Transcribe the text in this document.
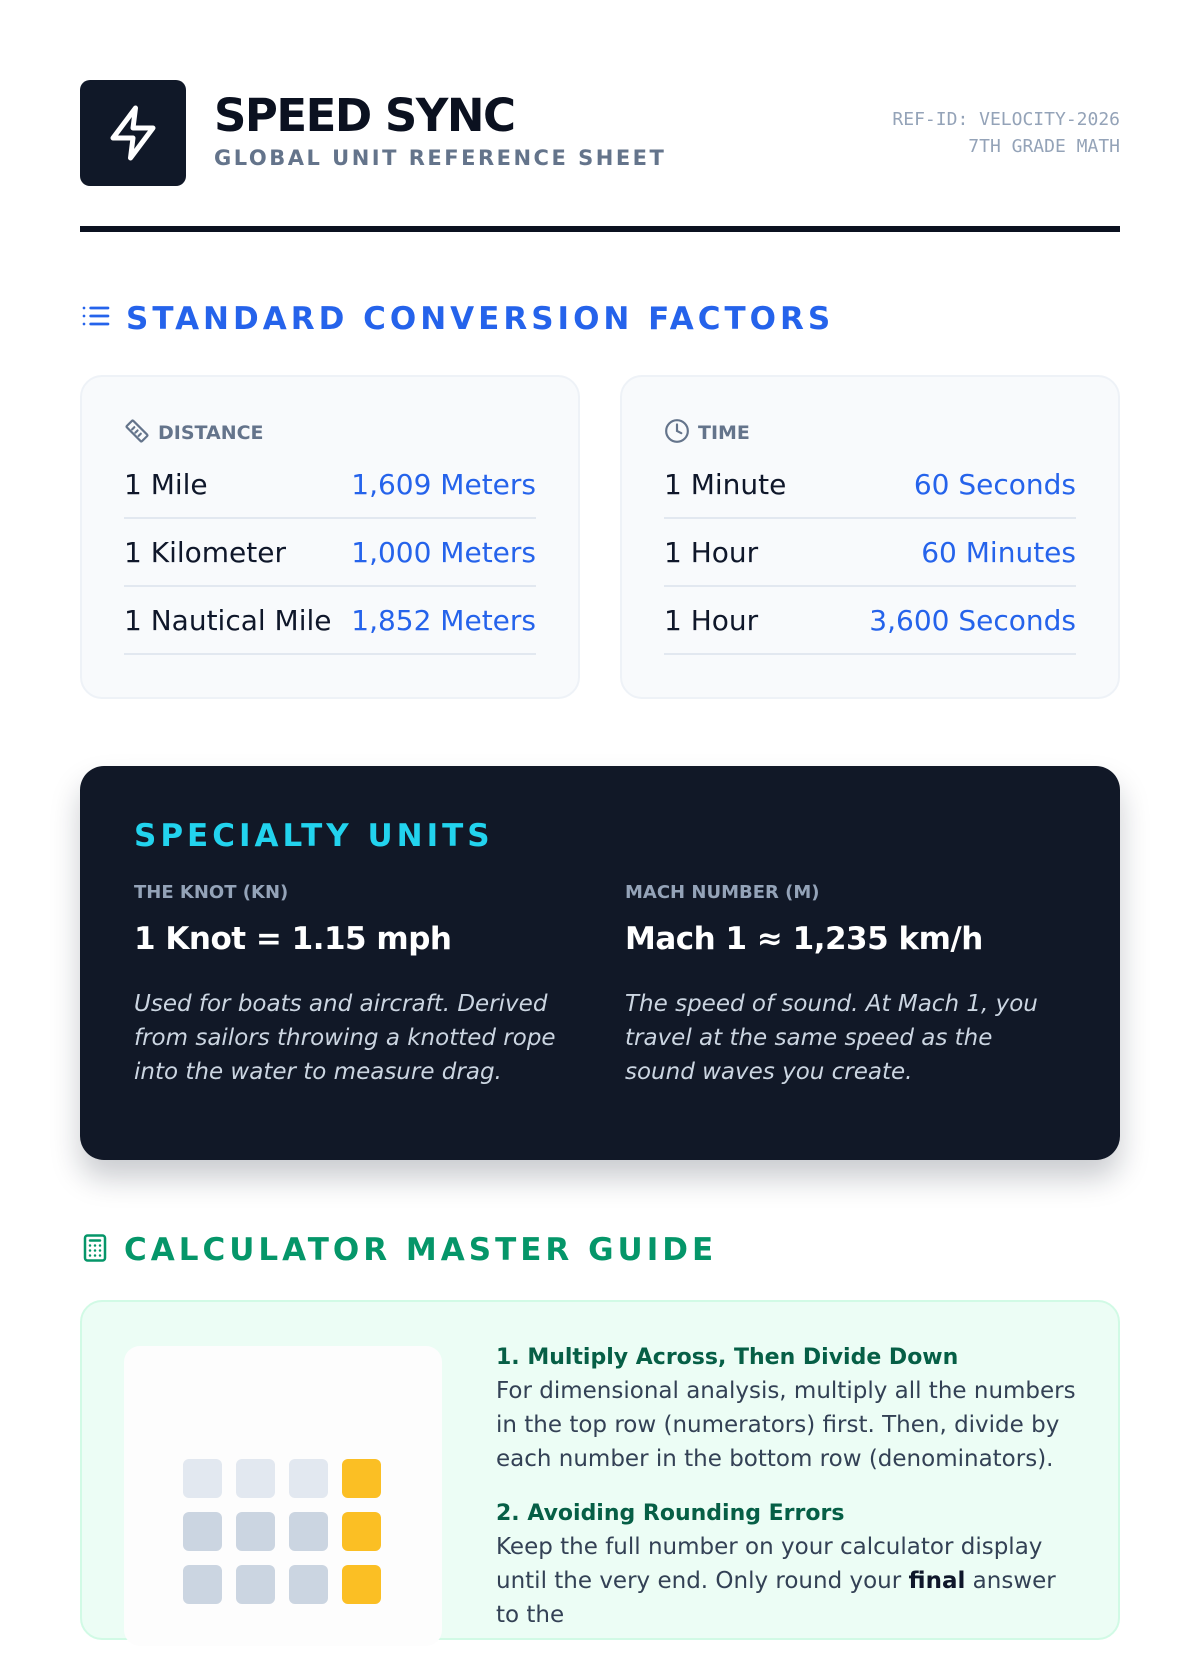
SPEED SYNC
GLOBAL UNIT REFERENCE SHEET
REF-ID: VELOCITY-2026
7TH GRADE MATH
STANDARD CONVERSION FACTORS
DISTANCE
1 Mile	1,609 Meters
1 Kilometer 1,000 Meters
1 Nautical Mile 1,852 Meters
TIME
1 Minute	60 Seconds
1 Hour	60 Minutes
1 Hour	3,600 Seconds
SPECIALTY UNITS
THE KNOT (KN)
1 Knot = 1.15 mph
Used for boats and aircraft. Derived from sailors throwing a knotted rope into the water to measure drag.
MACH NUMBER (M)
Mach 1 ≈ 1,235 km/h
The speed of sound. At Mach 1, you travel at the same speed as the sound waves you create.
CALCULATOR MASTER GUIDE
1. Multiply Across, Then Divide Down
For dimensional analysis, multiply all the numbers in the top row (numerators) first. Then, divide by each number in the bottom row (denominators).
2. Avoiding Rounding Errors
Keep the full number on your calculator display until the very end. Only round your final answer to the
